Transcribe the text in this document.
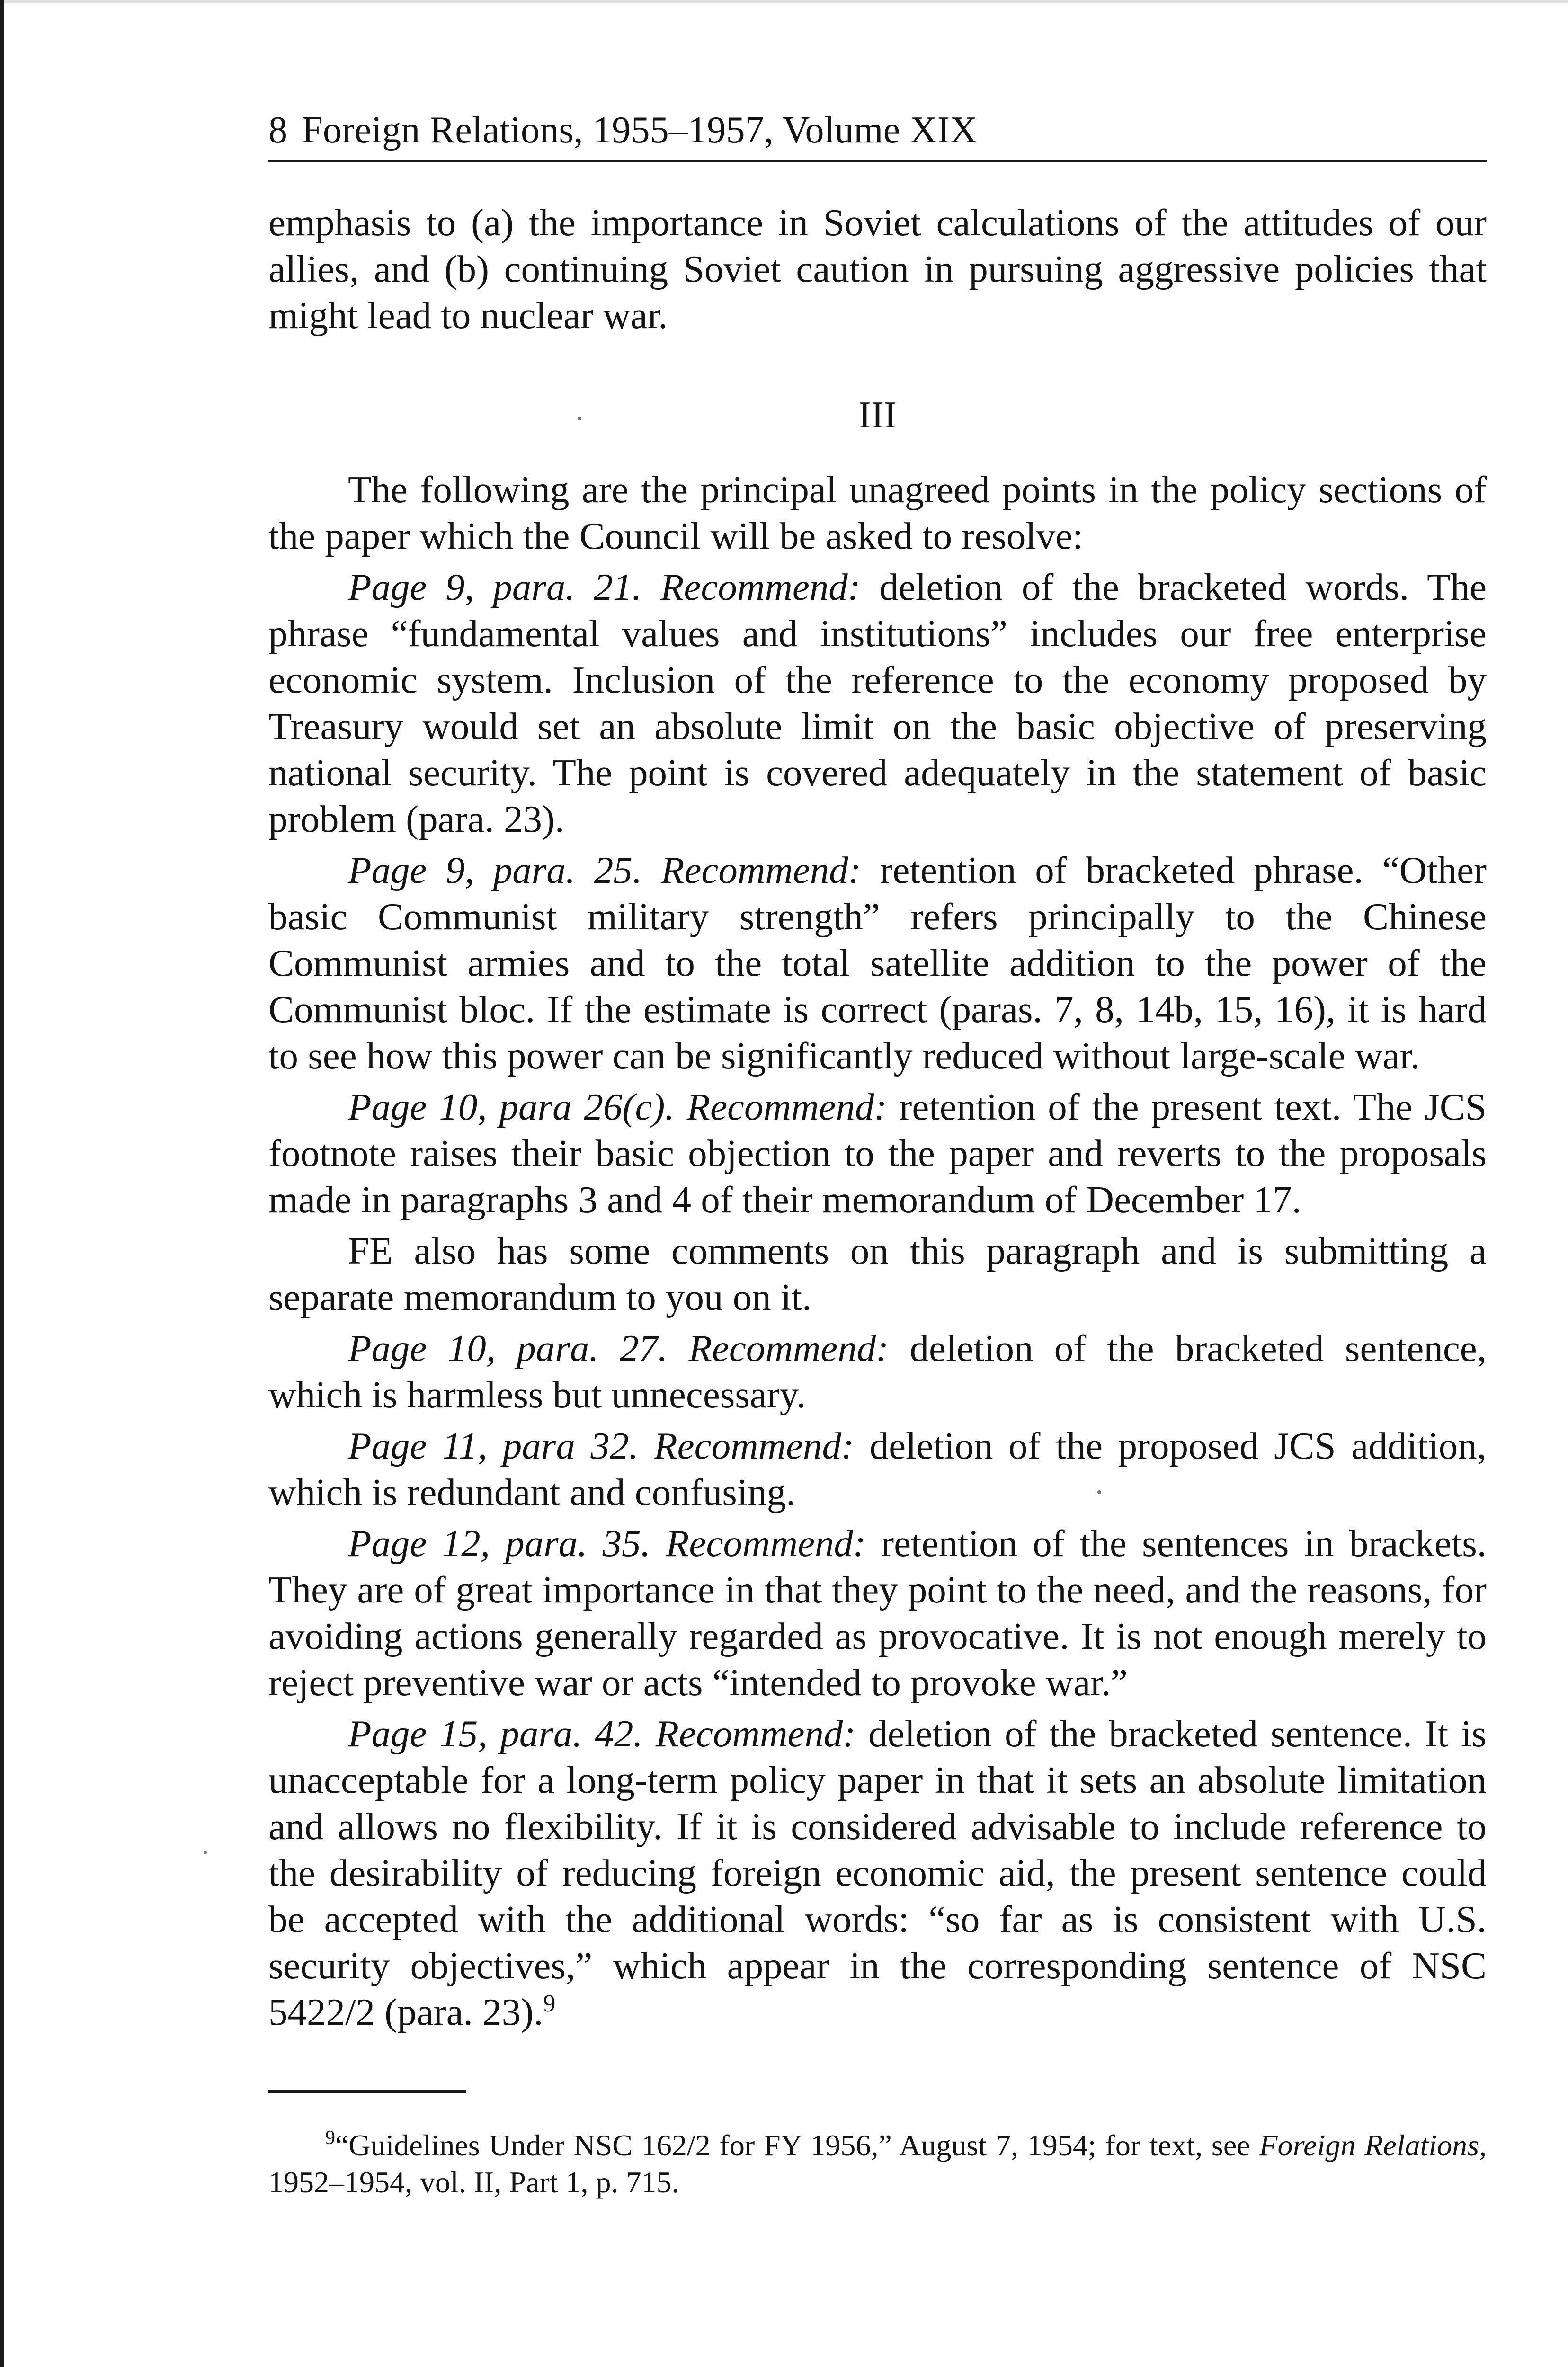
8 Foreign Relations, 1955–1957, Volume XIX

emphasis to (a) the importance in Soviet calculations of the attitudes of our allies, and (b) continuing Soviet caution in pursuing aggressive policies that might lead to nuclear war.

III

The following are the principal unagreed points in the policy sections of the paper which the Council will be asked to resolve:

Page 9, para. 21. Recommend: deletion of the bracketed words. The phrase “fundamental values and institutions” includes our free enterprise economic system. Inclusion of the reference to the economy proposed by Treasury would set an absolute limit on the basic objective of preserving national security. The point is covered adequately in the statement of basic problem (para. 23).

Page 9, para. 25. Recommend: retention of bracketed phrase. “Other basic Communist military strength” refers principally to the Chinese Communist armies and to the total satellite addition to the power of the Communist bloc. If the estimate is correct (paras. 7, 8, 14b, 15, 16), it is hard to see how this power can be significantly reduced without large-scale war.

Page 10, para 26(c). Recommend: retention of the present text. The JCS footnote raises their basic objection to the paper and reverts to the proposals made in paragraphs 3 and 4 of their memorandum of December 17.

FE also has some comments on this paragraph and is submitting a separate memorandum to you on it.

Page 10, para. 27. Recommend: deletion of the bracketed sentence, which is harmless but unnecessary.

Page 11, para 32. Recommend: deletion of the proposed JCS addition, which is redundant and confusing.

Page 12, para. 35. Recommend: retention of the sentences in brackets. They are of great importance in that they point to the need, and the reasons, for avoiding actions generally regarded as provocative. It is not enough merely to reject preventive war or acts “intended to provoke war.”

Page 15, para. 42. Recommend: deletion of the bracketed sentence. It is unacceptable for a long-term policy paper in that it sets an absolute limitation and allows no flexibility. If it is considered advisable to include reference to the desirability of reducing foreign economic aid, the present sentence could be accepted with the additional words: “so far as is consistent with U.S. security objectives,” which appear in the corresponding sentence of NSC 5422/2 (para. 23).$^9$

$^9$“Guidelines Under NSC 162/2 for FY 1956,” August 7, 1954; for text, see Foreign Relations, 1952–1954, vol. II, Part 1, p. 715.
